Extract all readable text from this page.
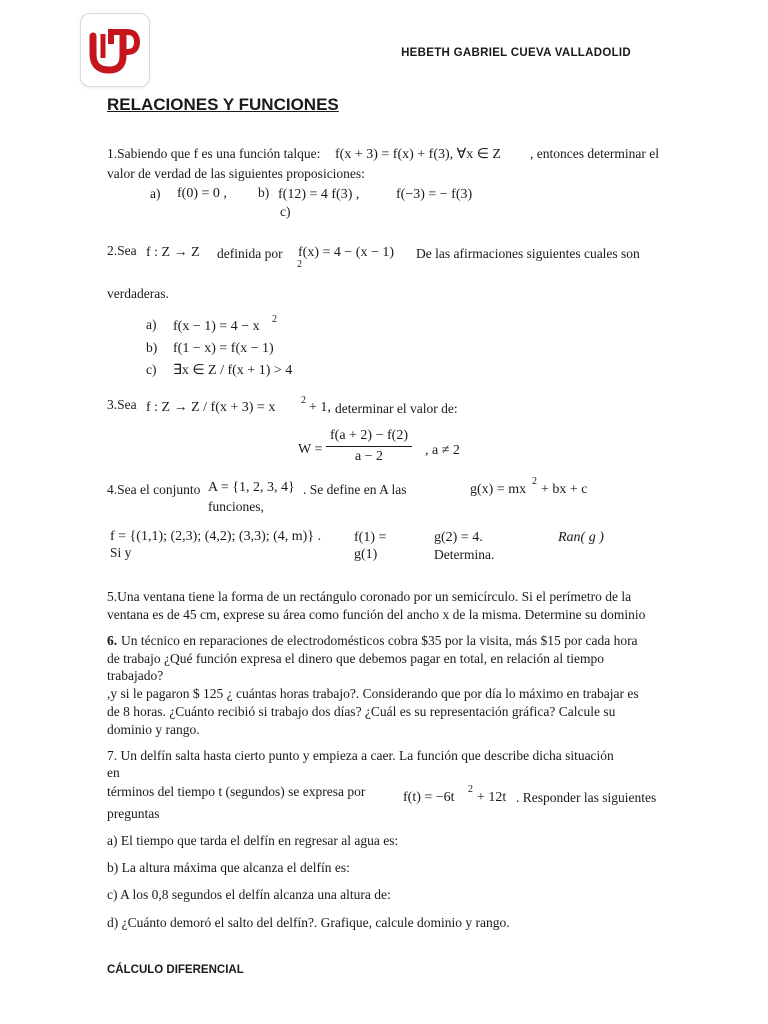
HEBETH GABRIEL CUEVA VALLADOLID
RELACIONES Y FUNCIONES
1.Sabiendo que f es una función talque: f(x + 3) = f(x) + f(3), ∀x ∈ Z , entonces determinar el
valor de verdad de las siguientes proposiciones:
a) f(0) = 0 , b) f(12) = 4 f(3) ,	f(−3) = − f(3)
c)
2.Sea f : Z → Z definida por f(x) = 4 − (x − 1)
2
De las afirmaciones siguientes cuales son
verdaderas.
a) f(x − 1) = 4 − x 2
b) f(1 − x) = f(x − 1)
c) ∃x ∈ Z / f(x + 1) > 4
3.Sea f : Z → Z / f(x + 3) = x	2 + 1, determinar el valor de:
$W = \frac{f(a + 2) - f(2)}{a - 2}$ , a ≠ 2
4.Sea el conjunto A = {1, 2, 3, 4} . Se define en A las
funciones,
g(x) = mx
2
+ bx + c
f = {(1,1); (2,3); (4,2); (3,3); (4, m)} .
Si y
f(1) =
g(1)
g(2) = 4.
Determina.
Ran( g )
5.Una ventana tiene la forma de un rectángulo coronado por un semicírculo. Si el perímetro de la
ventana es de 45 cm, exprese su área como función del ancho x de la misma. Determine su dominio
6. Un técnico en reparaciones de electrodomésticos cobra $35 por la visita, más $15 por cada hora
de trabajo ¿Qué función expresa el dinero que debemos pagar en total, en relación al tiempo
trabajado?
,y si le pagaron $ 125 ¿ cuántas horas trabajo?. Considerando que por día lo máximo en trabajar es
de 8 horas. ¿Cuánto recibió si trabajo dos días? ¿Cuál es su representación gráfica? Calcule su
dominio y rango.
7. Un delfín salta hasta cierto punto y empieza a caer. La función que describe dicha situación
en
términos del tiempo t (segundos) se expresa por	f(t) = −6t
2
+ 12t . Responder las siguientes
preguntas
a) El tiempo que tarda el delfín en regresar al agua es:
b) La altura máxima que alcanza el delfín es:
c) A los 0,8 segundos el delfín alcanza una altura de:
d) ¿Cuánto demoró el salto del delfín?. Grafique, calcule dominio y rango.
CÁLCULO DIFERENCIAL
